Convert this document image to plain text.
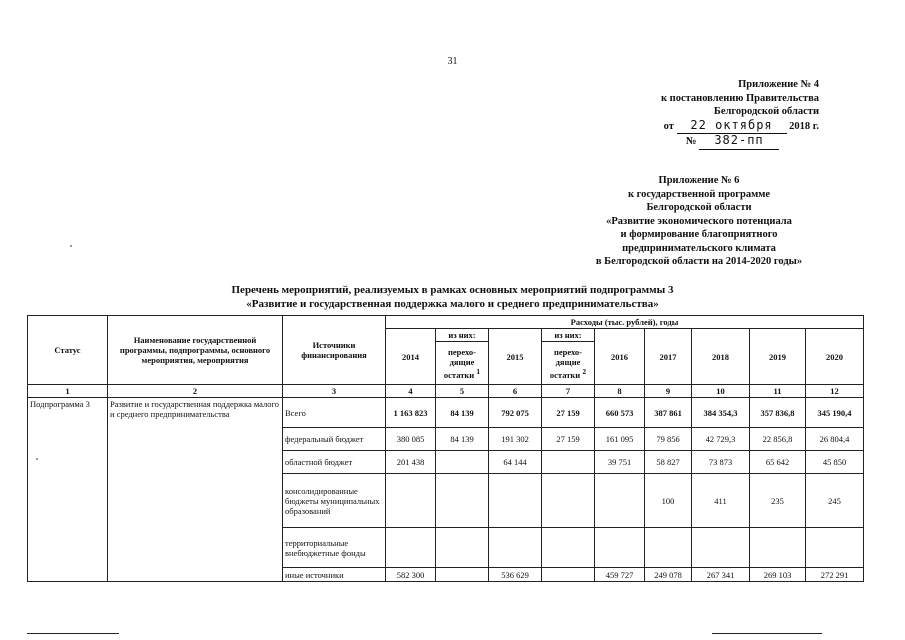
31
Приложение № 4
к постановлению Правительства
Белгородской области
от 22 октября 2018 г.
№ 382-пп
Приложение № 6
к государственной программе
Белгородской области
«Развитие экономического потенциала
и формирование благоприятного
предпринимательского климата
в Белгородской области на 2014-2020 годы»
Перечень мероприятий, реализуемых в рамках основных мероприятий подпрограммы 3
«Развитие и государственная поддержка малого и среднего предпринимательства»
Статус	Наименование государственной программы, подпрограммы, основного мероприятия, мероприятия	Источники финансирования	Расходы (тыс. рублей), годы								
			2014	из них:	2015	из них:	2016	2017	2018	2019	2020
				перехо-дящие остатки $^1$		перехо-дящие остатки $^2$
1	2	3	4	5	6	7	8	9	10	11	12
Подпрограмма 3	Развитие и государственная поддержка малого и среднего предпринимательства	Всего	1 163 823	84 139	792 075	27 159	660 573	387 861	384 354,3	357 836,8	345 190,4
		федеральный бюджет	380 085	84 139	191 302	27 159	161 095	79 856	42 729,3	22 856,8	26 804,4
		областной бюджет	201 438		64 144		39 751	58 827	73 873	65 642	45 850
		консолидированные бюджеты муниципальных образований						100	411	235	245
		территориальные внебюджетные фонды									
		иные источники	582 300		536 629		459 727	249 078	267 341	269 103	272 291
